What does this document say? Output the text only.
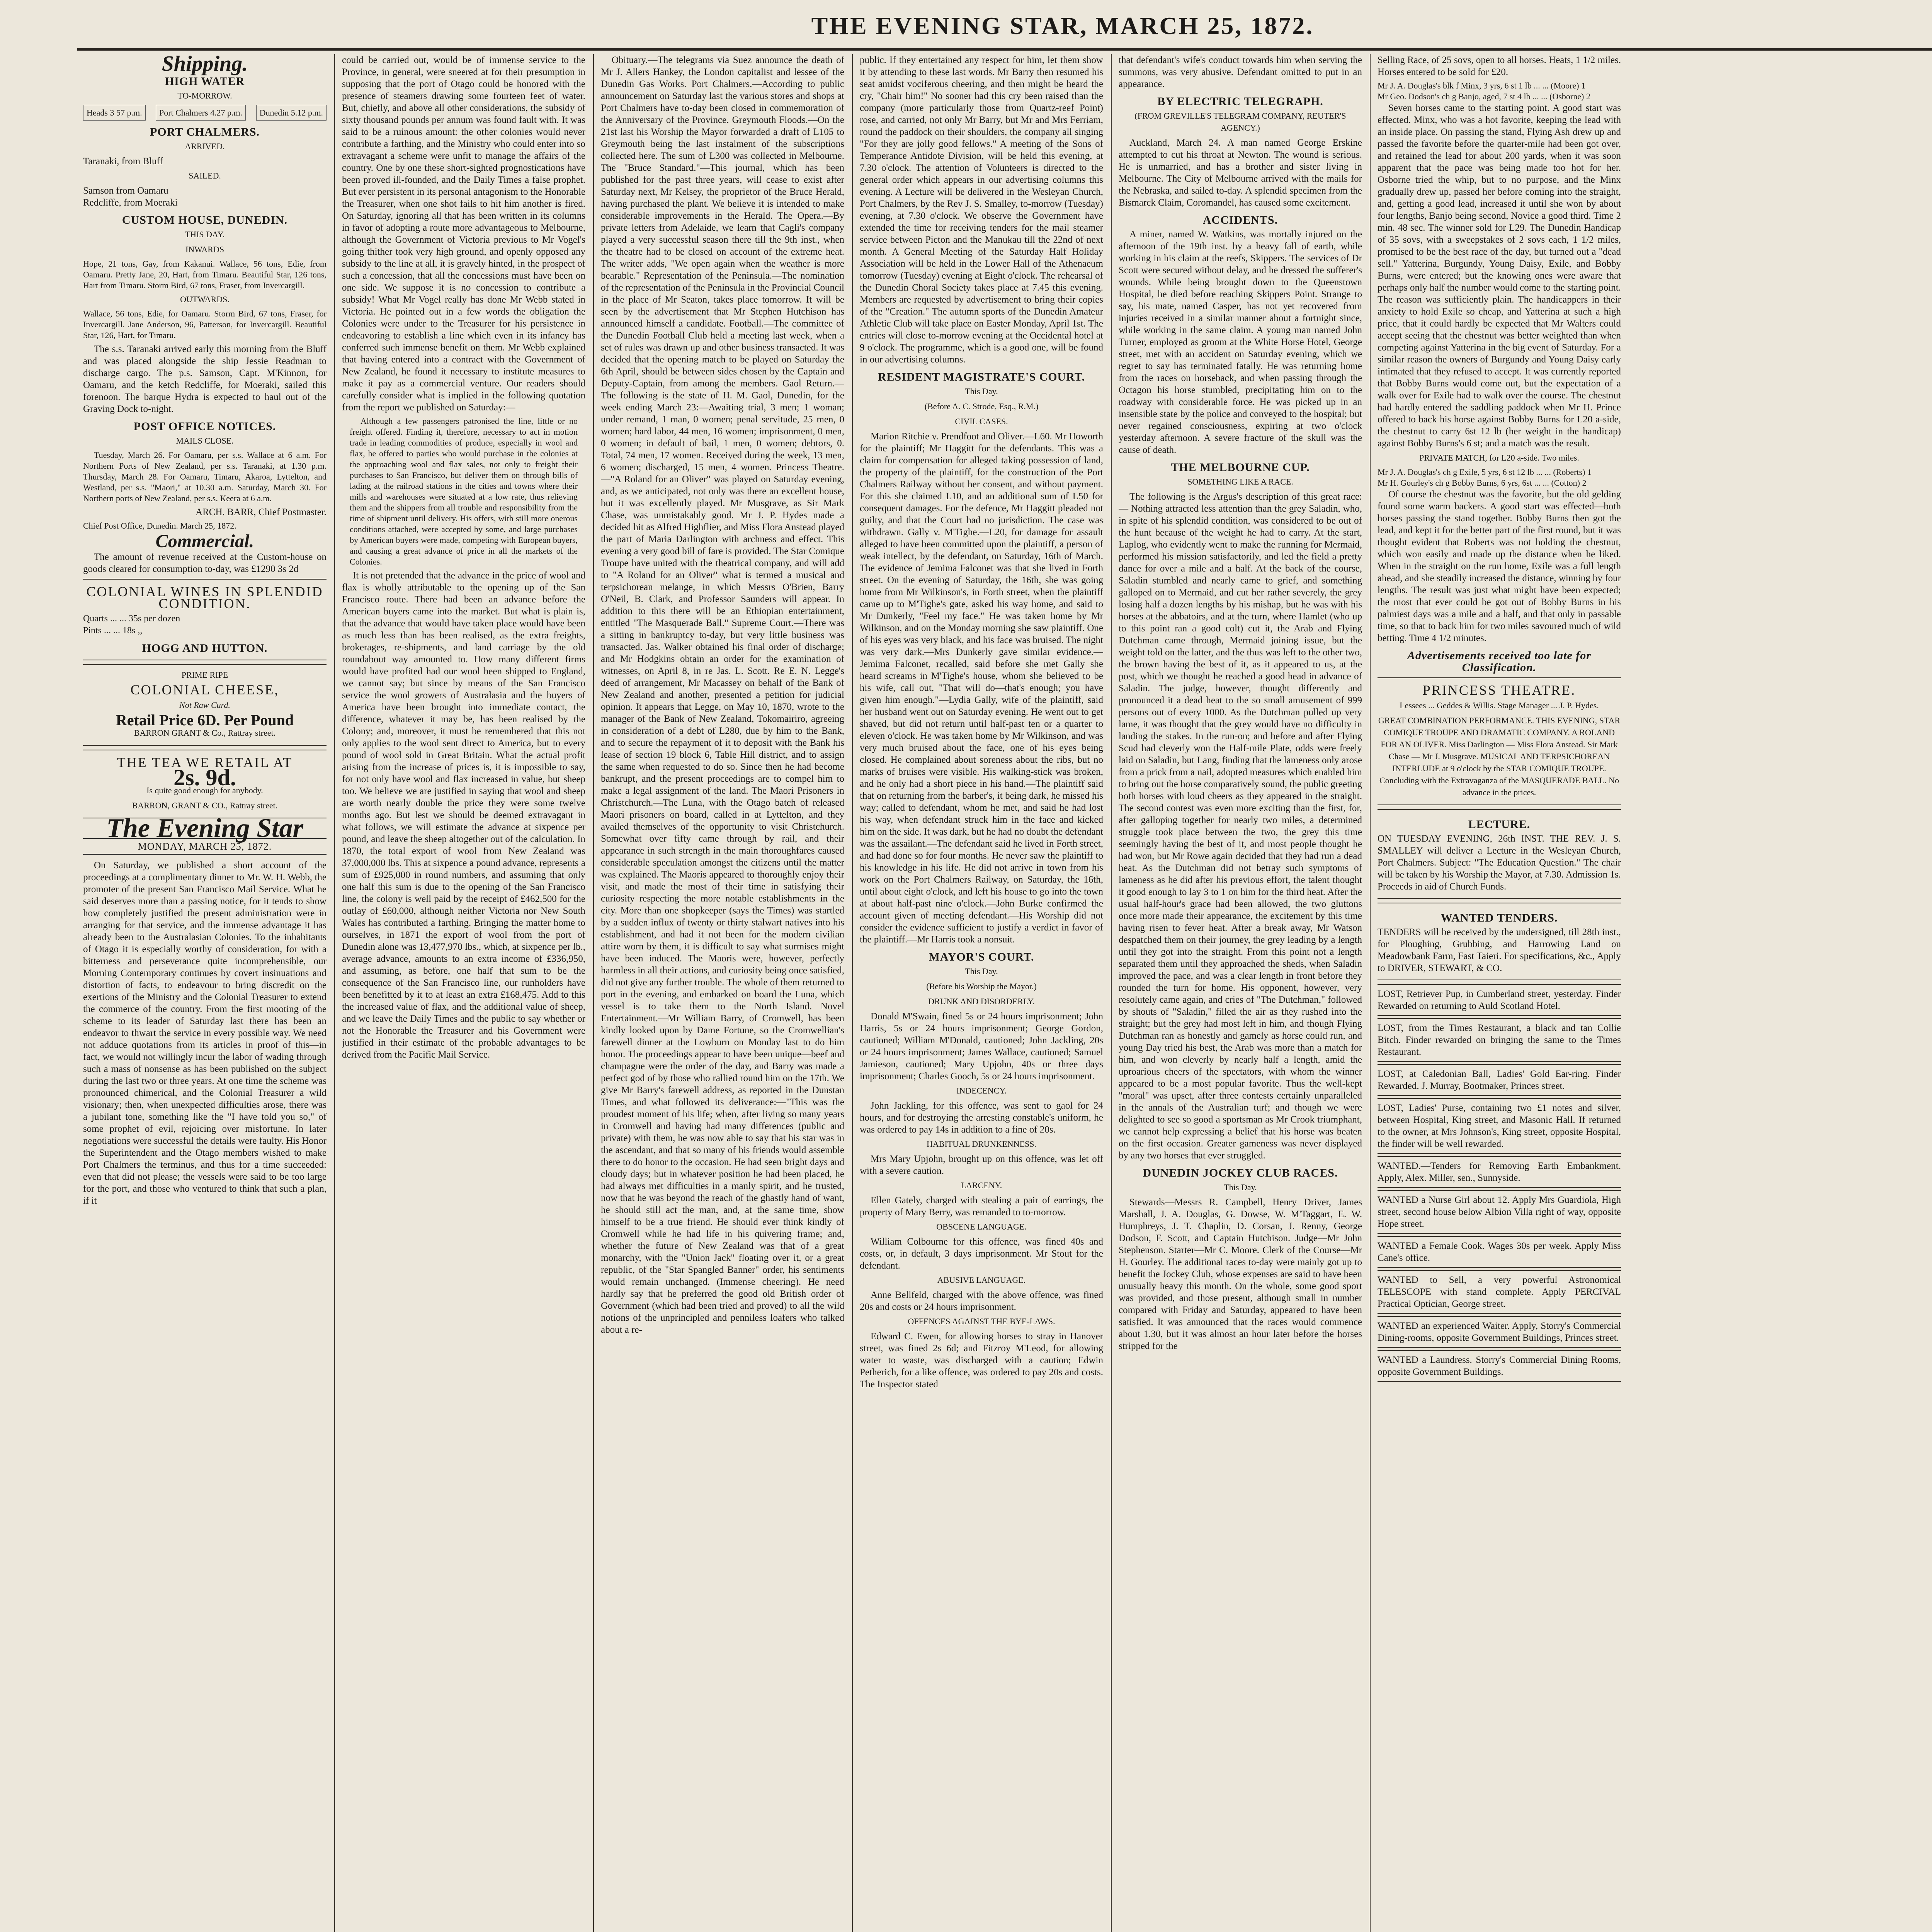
THE EVENING STAR, MARCH 25, 1872.
Shipping.
HIGH WATER
TO-MORROW.
Heads 3 57 p.m.	Port Chalmers 4.27 p.m.	Dunedin 5.12 p.m.
PORT CHALMERS.
ARRIVED.

Taranaki, from Bluff

SAILED.

Samson from Oamaru
Redcliffe, from Moeraki

CUSTOM HOUSE, DUNEDIN.
THIS DAY.
INWARDS

Hope, 21 tons, Gay, from Kakanui. Wallace, 56 tons, Edie, from Oamaru. Pretty Jane, 20, Hart, from Timaru. Beautiful Star, 126 tons, Hart from Timaru. Storm Bird, 67 tons, Fraser, from Invercargill.

OUTWARDS.

Wallace, 56 tons, Edie, for Oamaru. Storm Bird, 67 tons, Fraser, for Invercargill. Jane Anderson, 96, Patterson, for Invercargill. Beautiful Star, 126, Hart, for Timaru.

The s.s. Taranaki arrived early this morning from the Bluff and was placed alongside the ship Jessie Readman to discharge cargo. The p.s. Samson, Capt. M'Kinnon, for Oamaru, and the ketch Redcliffe, for Moeraki, sailed this forenoon. The barque Hydra is expected to haul out of the Graving Dock to-night.

POST OFFICE NOTICES.
MAILS CLOSE.

Tuesday, March 26. For Oamaru, per s.s. Wallace at 6 a.m. For Northern Ports of New Zealand, per s.s. Taranaki, at 1.30 p.m. Thursday, March 28. For Oamaru, Timaru, Akaroa, Lyttelton, and Westland, per s.s. "Maori," at 10.30 a.m. Saturday, March 30. For Northern ports of New Zealand, per s.s. Keera at 6 a.m.

ARCH. BARR, Chief Postmaster.

Chief Post Office, Dunedin. March 25, 1872.

Commercial.

The amount of revenue received at the Custom-house on goods cleared for consumption to-day, was £1290 3s 2d

COLONIAL WINES IN SPLENDID CONDITION.
Quarts ... ... 35s per dozen
Pints ... ... 18s ,,
HOGG AND HUTTON.
PRIME RIPE
COLONIAL CHEESE,
Not Raw Curd.
Retail Price 6D. Per Pound
BARRON GRANT & Co., Rattray street.
THE TEA WE RETAIL AT
2s. 9d.
Is quite good enough for anybody.
BARRON, GRANT & CO., Rattray street.
The Evening Star
MONDAY, MARCH 25, 1872.

On Saturday, we published a short account of the proceedings at a complimentary dinner to Mr. W. H. Webb, the promoter of the present San Francisco Mail Service. What he said deserves more than a passing notice, for it tends to show how completely justified the present administration were in arranging for that service, and the immense advantage it has already been to the Australasian Colonies. To the inhabitants of Otago it is especially worthy of consideration, for with a bitterness and perseverance quite incomprehensible, our Morning Contemporary continues by covert insinuations and distortion of facts, to endeavour to bring discredit on the exertions of the Ministry and the Colonial Treasurer to extend the commerce of the country. From the first mooting of the scheme to its leader of Saturday last there has been an endeavor to thwart the service in every possible way. We need not adduce quotations from its articles in proof of this—in fact, we would not willingly incur the labor of wading through such a mass of nonsense as has been published on the subject during the last two or three years. At one time the scheme was pronounced chimerical, and the Colonial Treasurer a wild visionary; then, when unexpected difficulties arose, there was a jubilant tone, something like the "I have told you so," of some prophet of evil, rejoicing over misfortune. In later negotiations were successful the details were faulty. His Honor the Superintendent and the Otago members wished to make Port Chalmers the terminus, and thus for a time succeeded: even that did not please; the vessels were said to be too large for the port, and those who ventured to think that such a plan, if it

could be carried out, would be of immense service to the Province, in general, were sneered at for their presumption in supposing that the port of Otago could be honored with the presence of steamers drawing some fourteen feet of water. But, chiefly, and above all other considerations, the subsidy of sixty thousand pounds per annum was found fault with. It was said to be a ruinous amount: the other colonies would never contribute a farthing, and the Ministry who could enter into so extravagant a scheme were unfit to manage the affairs of the country. One by one these short-sighted prognostications have been proved ill-founded, and the Daily Times a false prophet. But ever persistent in its personal antagonism to the Honorable the Treasurer, when one shot fails to hit him another is fired. On Saturday, ignoring all that has been written in its columns in favor of adopting a route more advantageous to Melbourne, although the Government of Victoria previous to Mr Vogel's going thither took very high ground, and openly opposed any subsidy to the line at all, it is gravely hinted, in the prospect of such a concession, that all the concessions must have been on one side. We suppose it is no concession to contribute a subsidy! What Mr Vogel really has done Mr Webb stated in Victoria. He pointed out in a few words the obligation the Colonies were under to the Treasurer for his persistence in endeavoring to establish a line which even in its infancy has conferred such immense benefit on them. Mr Webb explained that having entered into a contract with the Government of New Zealand, he found it necessary to institute measures to make it pay as a commercial venture. Our readers should carefully consider what is implied in the following quotation from the report we published on Saturday:—

Although a few passengers patronised the line, little or no freight offered. Finding it, therefore, necessary to act in motion trade in leading commodities of produce, especially in wool and flax, he offered to parties who would purchase in the colonies at the approaching wool and flax sales, not only to freight their purchases to San Francisco, but deliver them on through bills of lading at the railroad stations in the cities and towns where their mills and warehouses were situated at a low rate, thus relieving them and the shippers from all trouble and responsibility from the time of shipment until delivery. His offers, with still more onerous conditions attached, were accepted by some, and large purchases by American buyers were made, competing with European buyers, and causing a great advance of price in all the markets of the Colonies.

It is not pretended that the advance in the price of wool and flax is wholly attributable to the opening up of the San Francisco route. There had been an advance before the American buyers came into the market. But what is plain is, that the advance that would have taken place would have been as much less than has been realised, as the extra freights, brokerages, re-shipments, and land carriage by the old roundabout way amounted to. How many different firms would have profited had our wool been shipped to England, we cannot say; but since by means of the San Francisco service the wool growers of Australasia and the buyers of America have been brought into immediate contact, the difference, whatever it may be, has been realised by the Colony; and, moreover, it must be remembered that this not only applies to the wool sent direct to America, but to every pound of wool sold in Great Britain. What the actual profit arising from the increase of prices is, it is impossible to say, for not only have wool and flax increased in value, but sheep too. We believe we are justified in saying that wool and sheep are worth nearly double the price they were some twelve months ago. But lest we should be deemed extravagant in what follows, we will estimate the advance at sixpence per pound, and leave the sheep altogether out of the calculation. In 1870, the total export of wool from New Zealand was 37,000,000 lbs. This at sixpence a pound advance, represents a sum of £925,000 in round numbers, and assuming that only one half this sum is due to the opening of the San Francisco line, the colony is well paid by the receipt of £462,500 for the outlay of £60,000, although neither Victoria nor New South Wales has contributed a farthing. Bringing the matter home to ourselves, in 1871 the export of wool from the port of Dunedin alone was 13,477,970 lbs., which, at sixpence per lb., average advance, amounts to an extra income of £336,950, and assuming, as before, one half that sum to be the consequence of the San Francisco line, our runholders have been benefitted by it to at least an extra £168,475. Add to this the increased value of flax, and the additional value of sheep, and we leave the Daily Times and the public to say whether or not the Honorable the Treasurer and his Government were justified in their estimate of the probable advantages to be derived from the Pacific Mail Service.

Obituary.—The telegrams via Suez announce the death of Mr J. Allers Hankey, the London capitalist and lessee of the Dunedin Gas Works. Port Chalmers.—According to public announcement on Saturday last the various stores and shops at Port Chalmers have to-day been closed in commemoration of the Anniversary of the Province. Greymouth Floods.—On the 21st last his Worship the Mayor forwarded a draft of L105 to Greymouth being the last instalment of the subscriptions collected here. The sum of L300 was collected in Melbourne. The "Bruce Standard."—This journal, which has been published for the past three years, will cease to exist after Saturday next, Mr Kelsey, the proprietor of the Bruce Herald, having purchased the plant. We believe it is intended to make considerable improvements in the Herald. The Opera.—By private letters from Adelaide, we learn that Cagli's company played a very successful season there till the 9th inst., when the theatre had to be closed on account of the extreme heat. The writer adds, "We open again when the weather is more bearable." Representation of the Peninsula.—The nomination of the representation of the Peninsula in the Provincial Council in the place of Mr Seaton, takes place tomorrow. It will be seen by the advertisement that Mr Stephen Hutchison has announced himself a candidate. Football.—The committee of the Dunedin Football Club held a meeting last week, when a set of rules was drawn up and other business transacted. It was decided that the opening match to be played on Saturday the 6th April, should be between sides chosen by the Captain and Deputy-Captain, from among the members. Gaol Return.—The following is the state of H. M. Gaol, Dunedin, for the week ending March 23:—Awaiting trial, 3 men; 1 woman; under remand, 1 man, 0 women; penal servitude, 25 men, 0 women; hard labor, 44 men, 16 women; imprisonment, 0 men, 0 women; in default of bail, 1 men, 0 women; debtors, 0. Total, 74 men, 17 women. Received during the week, 13 men, 6 women; discharged, 15 men, 4 women. Princess Theatre.—"A Roland for an Oliver" was played on Saturday evening, and, as we anticipated, not only was there an excellent house, but it was excellently played. Mr Musgrave, as Sir Mark Chase, was unmistakably good. Mr J. P. Hydes made a decided hit as Alfred Highflier, and Miss Flora Anstead played the part of Maria Darlington with archness and effect. This evening a very good bill of fare is provided. The Star Comique Troupe have united with the theatrical company, and will add to "A Roland for an Oliver" what is termed a musical and terpsichorean melange, in which Messrs O'Brien, Barry O'Neil, B. Clark, and Professor Saunders will appear. In addition to this there will be an Ethiopian entertainment, entitled "The Masquerade Ball." Supreme Court.—There was a sitting in bankruptcy to-day, but very little business was transacted. Jas. Walker obtained his final order of discharge; and Mr Hodgkins obtain an order for the examination of witnesses, on April 8, in re Jas. L. Scott. Re E. N. Legge's deed of arrangement, Mr Macassey on behalf of the Bank of New Zealand and another, presented a petition for judicial opinion. It appears that Legge, on May 10, 1870, wrote to the manager of the Bank of New Zealand, Tokomairiro, agreeing in consideration of a debt of L280, due by him to the Bank, and to secure the repayment of it to deposit with the Bank his lease of section 19 block 6, Table Hill district, and to assign the same when requested to do so. Since then he had become bankrupt, and the present proceedings are to compel him to make a legal assignment of the land. The Maori Prisoners in Christchurch.—The Luna, with the Otago batch of released Maori prisoners on board, called in at Lyttelton, and they availed themselves of the opportunity to visit Christchurch. Somewhat over fifty came through by rail, and their appearance in such strength in the main thoroughfares caused considerable speculation amongst the citizens until the matter was explained. The Maoris appeared to thoroughly enjoy their visit, and made the most of their time in satisfying their curiosity respecting the more notable establishments in the city. More than one shopkeeper (says the Times) was startled by a sudden influx of twenty or thirty stalwart natives into his establishment, and had it not been for the modern civilian attire worn by them, it is difficult to say what surmises might have been induced. The Maoris were, however, perfectly harmless in all their actions, and curiosity being once satisfied, did not give any further trouble. The whole of them returned to port in the evening, and embarked on board the Luna, which vessel is to take them to the North Island. Novel Entertainment.—Mr William Barry, of Cromwell, has been kindly looked upon by Dame Fortune, so the Cromwellian's farewell dinner at the Lowburn on Monday last to do him honor. The proceedings appear to have been unique—beef and champagne were the order of the day, and Barry was made a perfect god of by those who rallied round him on the 17th. We give Mr Barry's farewell address, as reported in the Dunstan Times, and what followed its deliverance:—"This was the proudest moment of his life; when, after living so many years in Cromwell and having had many differences (public and private) with them, he was now able to say that his star was in the ascendant, and that so many of his friends would assemble there to do honor to the occasion. He had seen bright days and cloudy days; but in whatever position he had been placed, he had always met difficulties in a manly spirit, and he trusted, now that he was beyond the reach of the ghastly hand of want, he should still act the man, and, at the same time, show himself to be a true friend. He should ever think kindly of Cromwell while he had life in his quivering frame; and, whether the future of New Zealand was that of a great monarchy, with the "Union Jack" floating over it, or a great republic, of the "Star Spangled Banner" order, his sentiments would remain unchanged. (Immense cheering). He need hardly say that he preferred the good old British order of Government (which had been tried and proved) to all the wild notions of the unprincipled and penniless loafers who talked about a re-

public. If they entertained any respect for him, let them show it by attending to these last words. Mr Barry then resumed his seat amidst vociferous cheering, and then might be heard the cry, "Chair him!" No sooner had this cry been raised than the company (more particularly those from Quartz-reef Point) rose, and carried, not only Mr Barry, but Mr and Mrs Ferriam, round the paddock on their shoulders, the company all singing "For they are jolly good fellows." A meeting of the Sons of Temperance Antidote Division, will be held this evening, at 7.30 o'clock. The attention of Volunteers is directed to the general order which appears in our advertising columns this evening. A Lecture will be delivered in the Wesleyan Church, Port Chalmers, by the Rev J. S. Smalley, to-morrow (Tuesday) evening, at 7.30 o'clock. We observe the Government have extended the time for receiving tenders for the mail steamer service between Picton and the Manukau till the 22nd of next month. A General Meeting of the Saturday Half Holiday Association will be held in the Lower Hall of the Athenaeum tomorrow (Tuesday) evening at Eight o'clock. The rehearsal of the Dunedin Choral Society takes place at 7.45 this evening. Members are requested by advertisement to bring their copies of the "Creation." The autumn sports of the Dunedin Amateur Athletic Club will take place on Easter Monday, April 1st. The entries will close to-morrow evening at the Occidental hotel at 9 o'clock. The programme, which is a good one, will be found in our advertising columns.

RESIDENT MAGISTRATE'S COURT.
This Day.
(Before A. C. Strode, Esq., R.M.)
CIVIL CASES.

Marion Ritchie v. Prendfoot and Oliver.—L60. Mr Howorth for the plaintiff; Mr Haggitt for the defendants. This was a claim for compensation for alleged taking possession of land, the property of the plaintiff, for the construction of the Port Chalmers Railway without her consent, and without payment. For this she claimed L10, and an additional sum of L50 for consequent damages. For the defence, Mr Haggitt pleaded not guilty, and that the Court had no jurisdiction. The case was withdrawn. Gally v. M'Tighe.—L20, for damage for assault alleged to have been committed upon the plaintiff, a person of weak intellect, by the defendant, on Saturday, 16th of March. The evidence of Jemima Falconet was that she lived in Forth street. On the evening of Saturday, the 16th, she was going home from Mr Wilkinson's, in Forth street, when the plaintiff came up to M'Tighe's gate, asked his way home, and said to Mr Dunkerly, "Feel my face." He was taken home by Mr Wilkinson, and on the Monday morning she saw plaintiff. One of his eyes was very black, and his face was bruised. The night was very dark.—Mrs Dunkerly gave similar evidence.—Jemima Falconet, recalled, said before she met Gally she heard screams in M'Tighe's house, whom she believed to be his wife, call out, "That will do—that's enough; you have given him enough."—Lydia Gally, wife of the plaintiff, said her husband went out on Saturday evening. He went out to get shaved, but did not return until half-past ten or a quarter to eleven o'clock. He was taken home by Mr Wilkinson, and was very much bruised about the face, one of his eyes being closed. He complained about soreness about the ribs, but no marks of bruises were visible. His walking-stick was broken, and he only had a short piece in his hand.—The plaintiff said that on returning from the barber's, it being dark, he missed his way; called to defendant, whom he met, and said he had lost his way, when defendant struck him in the face and kicked him on the side. It was dark, but he had no doubt the defendant was the assailant.—The defendant said he lived in Forth street, and had done so for four months. He never saw the plaintiff to his knowledge in his life. He did not arrive in town from his work on the Port Chalmers Railway, on Saturday, the 16th, until about eight o'clock, and left his house to go into the town at about half-past nine o'clock.—John Burke confirmed the account given of meeting defendant.—His Worship did not consider the evidence sufficient to justify a verdict in favor of the plaintiff.—Mr Harris took a nonsuit.

MAYOR'S COURT.
This Day.
(Before his Worship the Mayor.)
DRUNK AND DISORDERLY.

Donald M'Swain, fined 5s or 24 hours imprisonment; John Harris, 5s or 24 hours imprisonment; George Gordon, cautioned; William M'Donald, cautioned; John Jackling, 20s or 24 hours imprisonment; James Wallace, cautioned; Samuel Jamieson, cautioned; Mary Upjohn, 40s or three days imprisonment; Charles Gooch, 5s or 24 hours imprisonment.

INDECENCY.

John Jackling, for this offence, was sent to gaol for 24 hours, and for destroying the arresting constable's uniform, he was ordered to pay 14s in addition to a fine of 20s.

HABITUAL DRUNKENNESS.

Mrs Mary Upjohn, brought up on this offence, was let off with a severe caution.

LARCENY.

Ellen Gately, charged with stealing a pair of earrings, the property of Mary Berry, was remanded to to-morrow.

OBSCENE LANGUAGE.

William Colbourne for this offence, was fined 40s and costs, or, in default, 3 days imprisonment. Mr Stout for the defendant.

ABUSIVE LANGUAGE.

Anne Bellfeld, charged with the above offence, was fined 20s and costs or 24 hours imprisonment.

OFFENCES AGAINST THE BYE-LAWS.

Edward C. Ewen, for allowing horses to stray in Hanover street, was fined 2s 6d; and Fitzroy M'Leod, for allowing water to waste, was discharged with a caution; Edwin Petherich, for a like offence, was ordered to pay 20s and costs. The Inspector stated

that defendant's wife's conduct towards him when serving the summons, was very abusive. Defendant omitted to put in an appearance.

BY ELECTRIC TELEGRAPH.
(FROM GREVILLE'S TELEGRAM COMPANY, REUTER'S AGENCY.)

Auckland, March 24. A man named George Erskine attempted to cut his throat at Newton. The wound is serious. He is unmarried, and has a brother and sister living in Melbourne. The City of Melbourne arrived with the mails for the Nebraska, and sailed to-day. A splendid specimen from the Bismarck Claim, Coromandel, has caused some excitement.

ACCIDENTS.

A miner, named W. Watkins, was mortally injured on the afternoon of the 19th inst. by a heavy fall of earth, while working in his claim at the reefs, Skippers. The services of Dr Scott were secured without delay, and he dressed the sufferer's wounds. While being brought down to the Queenstown Hospital, he died before reaching Skippers Point. Strange to say, his mate, named Casper, has not yet recovered from injuries received in a similar manner about a fortnight since, while working in the same claim. A young man named John Turner, employed as groom at the White Horse Hotel, George street, met with an accident on Saturday evening, which we regret to say has terminated fatally. He was returning home from the races on horseback, and when passing through the Octagon his horse stumbled, precipitating him on to the roadway with considerable force. He was picked up in an insensible state by the police and conveyed to the hospital; but never regained consciousness, expiring at two o'clock yesterday afternoon. A severe fracture of the skull was the cause of death.

THE MELBOURNE CUP.
SOMETHING LIKE A RACE.

The following is the Argus's description of this great race:— Nothing attracted less attention than the grey Saladin, who, in spite of his splendid condition, was considered to be out of the hunt because of the weight he had to carry. At the start, Laplog, who evidently went to make the running for Mermaid, performed his mission satisfactorily, and led the field a pretty dance for over a mile and a half. At the back of the course, Saladin stumbled and nearly came to grief, and something galloped on to Mermaid, and cut her rather severely, the grey losing half a dozen lengths by his mishap, but he was with his horses at the abbatoirs, and at the turn, where Hamlet (who up to this point ran a good colt) cut it, the Arab and Flying Dutchman came through, Mermaid joining issue, but the weight told on the latter, and the thus was left to the other two, the brown having the best of it, as it appeared to us, at the post, which we thought he reached a good head in advance of Saladin. The judge, however, thought differently and pronounced it a dead heat to the so small amusement of 999 persons out of every 1000. As the Dutchman pulled up very lame, it was thought that the grey would have no difficulty in landing the stakes. In the run-on; and before and after Flying Scud had cleverly won the Half-mile Plate, odds were freely laid on Saladin, but Lang, finding that the lameness only arose from a prick from a nail, adopted measures which enabled him to bring out the horse comparatively sound, the public greeting both horses with loud cheers as they appeared in the straight. The second contest was even more exciting than the first, for, after galloping together for nearly two miles, a determined struggle took place between the two, the grey this time seemingly having the best of it, and most people thought he had won, but Mr Rowe again decided that they had run a dead heat. As the Dutchman did not betray such symptoms of lameness as he did after his previous effort, the talent thought it good enough to lay 3 to 1 on him for the third heat. After the usual half-hour's grace had been allowed, the two gluttons once more made their appearance, the excitement by this time having risen to fever heat. After a break away, Mr Watson despatched them on their journey, the grey leading by a length until they got into the straight. From this point not a length separated them until they approached the sheds, when Saladin improved the pace, and was a clear length in front before they rounded the turn for home. His opponent, however, very resolutely came again, and cries of "The Dutchman," followed by shouts of "Saladin," filled the air as they rushed into the straight; but the grey had most left in him, and though Flying Dutchman ran as honestly and gamely as horse could run, and young Day tried his best, the Arab was more than a match for him, and won cleverly by nearly half a length, amid the uproarious cheers of the spectators, with whom the winner appeared to be a most popular favorite. Thus the well-kept "moral" was upset, after three contests certainly unparalleled in the annals of the Australian turf; and though we were delighted to see so good a sportsman as Mr Crook triumphant, we cannot help expressing a belief that his horse was beaten on the first occasion. Greater gameness was never displayed by any two horses that ever struggled.

DUNEDIN JOCKEY CLUB RACES.
This Day.

Stewards—Messrs R. Campbell, Henry Driver, James Marshall, J. A. Douglas, G. Dowse, W. M'Taggart, E. W. Humphreys, J. T. Chaplin, D. Corsan, J. Renny, George Dodson, F. Scott, and Captain Hutchison. Judge—Mr John Stephenson. Starter—Mr C. Moore. Clerk of the Course—Mr H. Gourley. The additional races to-day were mainly got up to benefit the Jockey Club, whose expenses are said to have been unusually heavy this month. On the whole, some good sport was provided, and those present, although small in number compared with Friday and Saturday, appeared to have been satisfied. It was announced that the races would commence about 1.30, but it was almost an hour later before the horses stripped for the

Selling Race, of 25 sovs, open to all horses. Heats, 1 1/2 miles. Horses entered to be sold for £20.

Mr J. A. Douglas's blk f Minx, 3 yrs, 6 st 1 lb ... ... (Moore) 1
Mr Geo. Dodson's ch g Banjo, aged, 7 st 4 lb ... ... (Osborne) 2

Seven horses came to the starting point. A good start was effected. Minx, who was a hot favorite, keeping the lead with an inside place. On passing the stand, Flying Ash drew up and passed the favorite before the quarter-mile had been got over, and retained the lead for about 200 yards, when it was soon apparent that the pace was being made too hot for her. Osborne tried the whip, but to no purpose, and the Minx gradually drew up, passed her before coming into the straight, and, getting a good lead, increased it until she won by about four lengths, Banjo being second, Novice a good third. Time 2 min. 48 sec. The winner sold for L29. The Dunedin Handicap of 35 sovs, with a sweepstakes of 2 sovs each, 1 1/2 miles, promised to be the best race of the day, but turned out a "dead sell." Yatterina, Burgundy, Young Daisy, Exile, and Bobby Burns, were entered; but the knowing ones were aware that perhaps only half the number would come to the starting point. The reason was sufficiently plain. The handicappers in their anxiety to hold Exile so cheap, and Yatterina at such a high price, that it could hardly be expected that Mr Walters could accept seeing that the chestnut was better weighted than when competing against Yatterina in the big event of Saturday. For a similar reason the owners of Burgundy and Young Daisy early intimated that they refused to accept. It was currently reported that Bobby Burns would come out, but the expectation of a walk over for Exile had to walk over the course. The chestnut had hardly entered the saddling paddock when Mr H. Prince offered to back his horse against Bobby Burns for L20 a-side, the chestnut to carry 6st 12 lb (her weight in the handicap) against Bobby Burns's 6 st; and a match was the result.

PRIVATE MATCH, for L20 a-side. Two miles.
Mr J. A. Douglas's ch g Exile, 5 yrs, 6 st 12 lb ... ... (Roberts) 1
Mr H. Gourley's ch g Bobby Burns, 6 yrs, 6st ... ... (Cotton) 2

Of course the chestnut was the favorite, but the old gelding found some warm backers. A good start was effected—both horses passing the stand together. Bobby Burns then got the lead, and kept it for the better part of the first round, but it was thought evident that Roberts was not holding the chestnut, which won easily and made up the distance when he liked. When in the straight on the run home, Exile was a full length ahead, and she steadily increased the distance, winning by four lengths. The result was just what might have been expected; the most that ever could be got out of Bobby Burns in his palmiest days was a mile and a half, and that only in passable time, so that to back him for two miles savoured much of wild betting. Time 4 1/2 minutes.

Advertisements received too late for Classification.
PRINCESS THEATRE.
Lessees ... Geddes & Willis. Stage Manager ... J. P. Hydes.
GREAT COMBINATION PERFORMANCE. THIS EVENING, STAR COMIQUE TROUPE AND DRAMATIC COMPANY. A ROLAND FOR AN OLIVER. Miss Darlington — Miss Flora Anstead. Sir Mark Chase — Mr J. Musgrave. MUSICAL AND TERPSICHOREAN INTERLUDE at 9 o'clock by the STAR COMIQUE TROUPE. Concluding with the Extravaganza of the MASQUERADE BALL. No advance in the prices.
LECTURE.

ON TUESDAY EVENING, 26th INST. THE REV. J. S. SMALLEY will deliver a Lecture in the Wesleyan Church, Port Chalmers. Subject: "The Education Question." The chair will be taken by his Worship the Mayor, at 7.30. Admission 1s. Proceeds in aid of Church Funds.

WANTED TENDERS.

TENDERS will be received by the undersigned, till 28th inst., for Ploughing, Grubbing, and Harrowing Land on Meadowbank Farm, Fast Taieri. For specifications, &c., Apply to DRIVER, STEWART, & CO.

LOST, Retriever Pup, in Cumberland street, yesterday. Finder Rewarded on returning to Auld Scotland Hotel.

LOST, from the Times Restaurant, a black and tan Collie Bitch. Finder rewarded on bringing the same to the Times Restaurant.

LOST, at Caledonian Ball, Ladies' Gold Ear-ring. Finder Rewarded. J. Murray, Bootmaker, Princes street.

LOST, Ladies' Purse, containing two £1 notes and silver, between Hospital, King street, and Masonic Hall. If returned to the owner, at Mrs Johnson's, King street, opposite Hospital, the finder will be well rewarded.

WANTED.—Tenders for Removing Earth Embankment. Apply, Alex. Miller, sen., Sunnyside.

WANTED a Nurse Girl about 12. Apply Mrs Guardiola, High street, second house below Albion Villa right of way, opposite Hope street.

WANTED a Female Cook. Wages 30s per week. Apply Miss Cane's office.

WANTED to Sell, a very powerful Astronomical TELESCOPE with stand complete. Apply PERCIVAL Practical Optician, George street.

WANTED an experienced Waiter. Apply, Storry's Commercial Dining-rooms, opposite Government Buildings, Princes street.

WANTED a Laundress. Storry's Commercial Dining Rooms, opposite Government Buildings.
